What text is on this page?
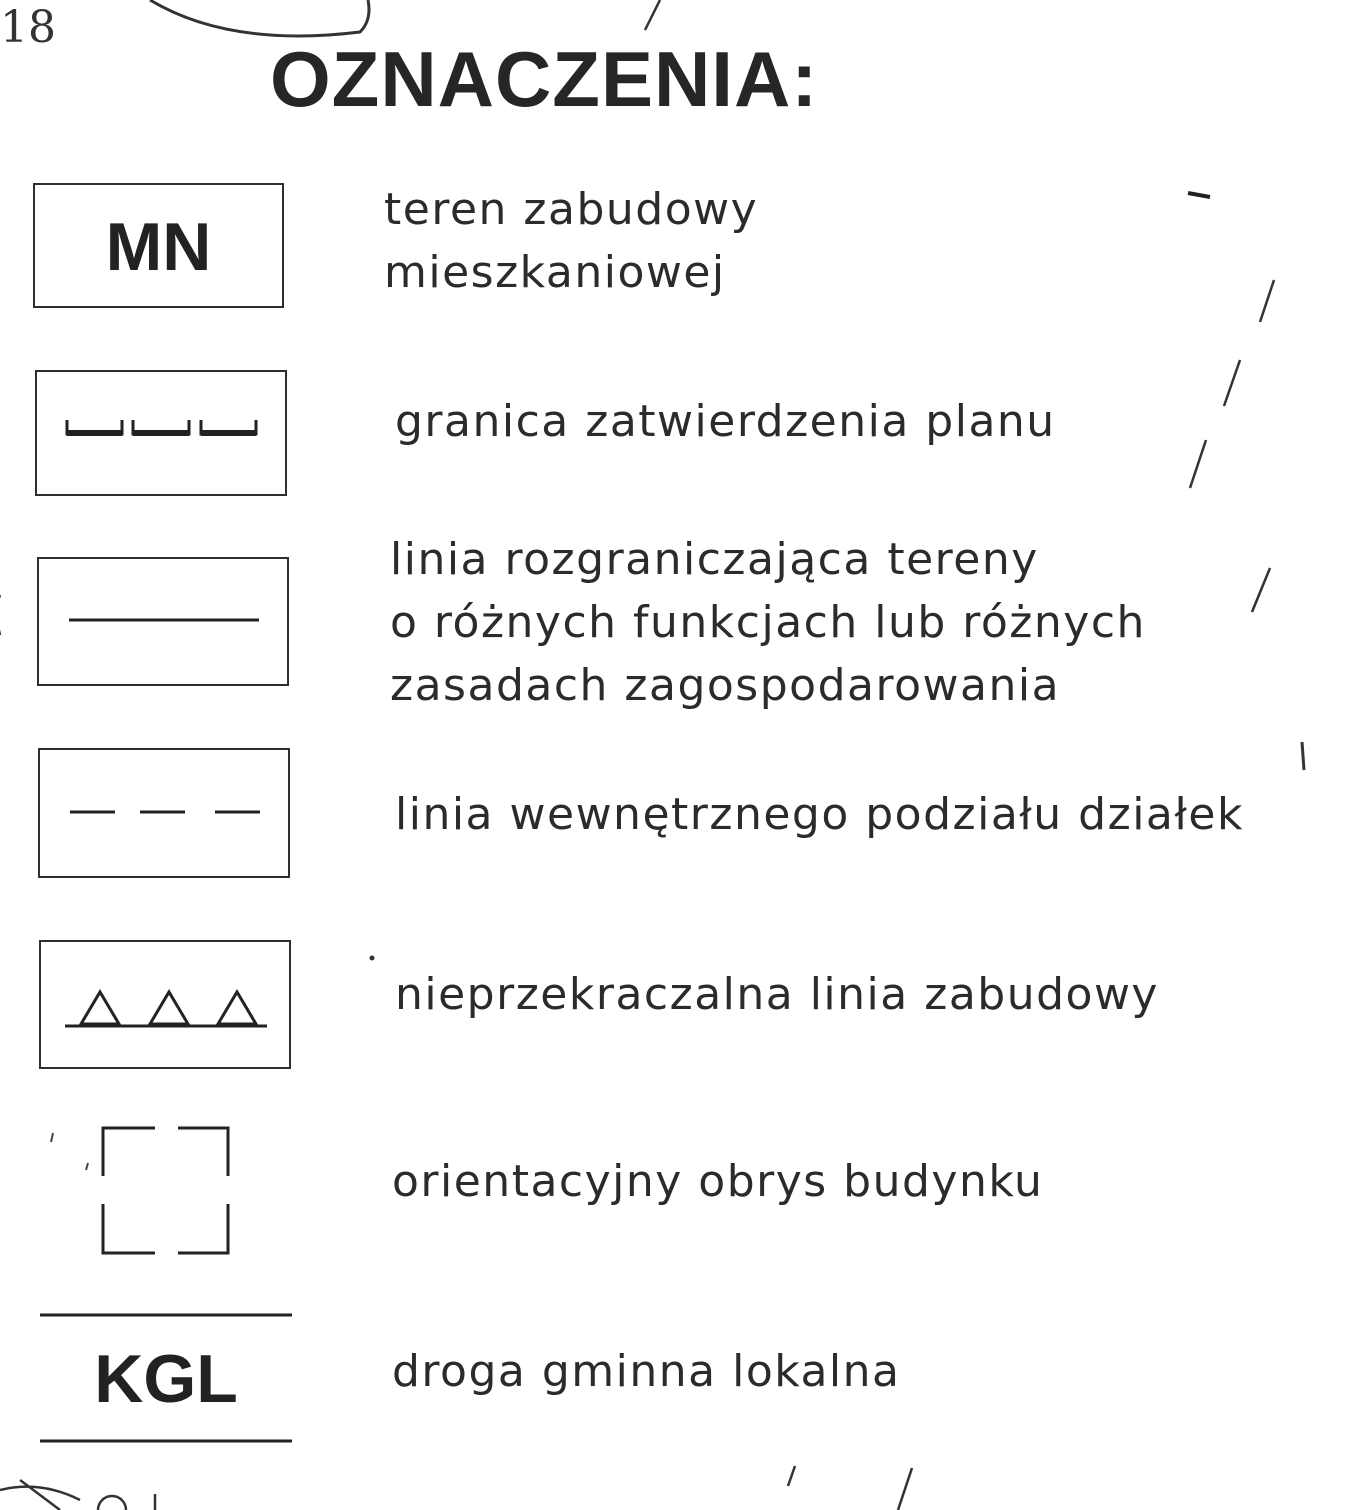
18
OZNACZENIA:
MN	teren zabudowy
mieszkaniowej
granica zatwierdzenia planu
linia rozgraniczająca tereny
o różnych funkcjach lub różnych
zasadach zagospodarowania
linia wewnętrznego podziału działek
nieprzekraczalna linia zabudowy
orientacyjny obrys budynku
KGL	droga gminna lokalna
